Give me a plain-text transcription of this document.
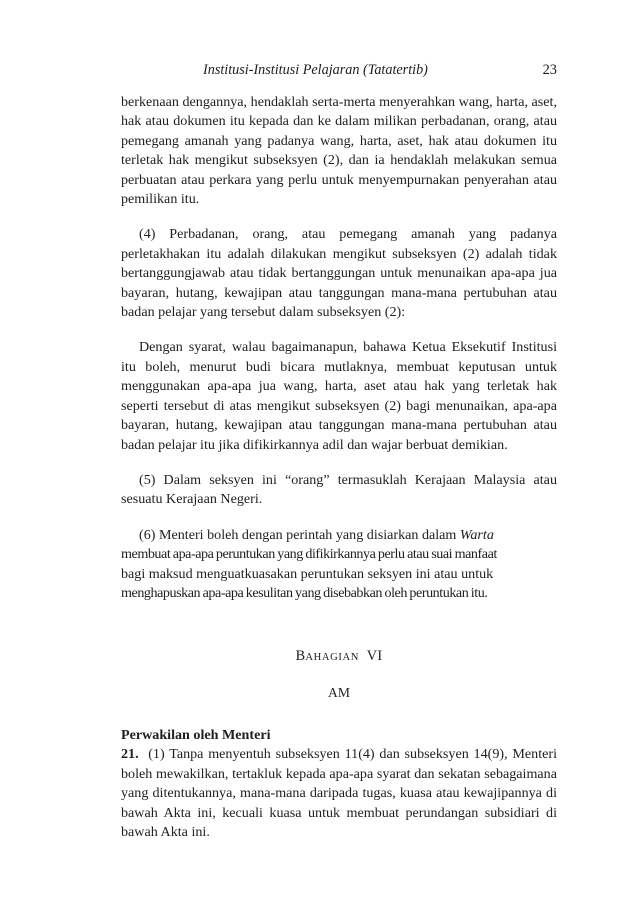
Institusi-Institusi Pelajaran (Tatatertib)	23

berkenaan dengannya, hendaklah serta-merta menyerahkan wang, harta, aset, hak atau dokumen itu kepada dan ke dalam milikan perbadanan, orang, atau pemegang amanah yang padanya wang, harta, aset, hak atau dokumen itu terletak hak mengikut subseksyen (2), dan ia hendaklah melakukan semua perbuatan atau perkara yang perlu untuk menyempurnakan penyerahan atau pemilikan itu.

(4) Perbadanan, orang, atau pemegang amanah yang padanya perletakhakan itu adalah dilakukan mengikut subseksyen (2) adalah tidak bertanggungjawab atau tidak bertanggungan untuk menunaikan apa-apa jua bayaran, hutang, kewajipan atau tanggungan mana-mana pertubuhan atau badan pelajar yang tersebut dalam subseksyen (2):

Dengan syarat, walau bagaimanapun, bahawa Ketua Eksekutif Institusi itu boleh, menurut budi bicara mutlaknya, membuat keputusan untuk menggunakan apa-apa jua wang, harta, aset atau hak yang terletak hak seperti tersebut di atas mengikut subseksyen (2) bagi menunaikan, apa-apa bayaran, hutang, kewajipan atau tanggungan mana-mana pertubuhan atau badan pelajar itu jika difikirkannya adil dan wajar berbuat demikian.

(5) Dalam seksyen ini “orang” termasuklah Kerajaan Malaysia atau sesuatu Kerajaan Negeri.

(6) Menteri boleh dengan perintah yang disiarkan dalam Warta
membuat apa-apa peruntukan yang difikirkannya perlu atau suai manfaat
bagi maksud menguatkuasakan peruntukan seksyen ini atau untuk
menghapuskan apa-apa kesulitan yang disebabkan oleh peruntukan itu.

BAHAGIAN VI
AM
Perwakilan oleh Menteri

21. (1) Tanpa menyentuh subseksyen 11(4) dan subseksyen 14(9), Menteri boleh mewakilkan, tertakluk kepada apa-apa syarat dan sekatan sebagaimana yang ditentukannya, mana-mana daripada tugas, kuasa atau kewajipannya di bawah Akta ini, kecuali kuasa untuk membuat perundangan subsidiari di bawah Akta ini.
